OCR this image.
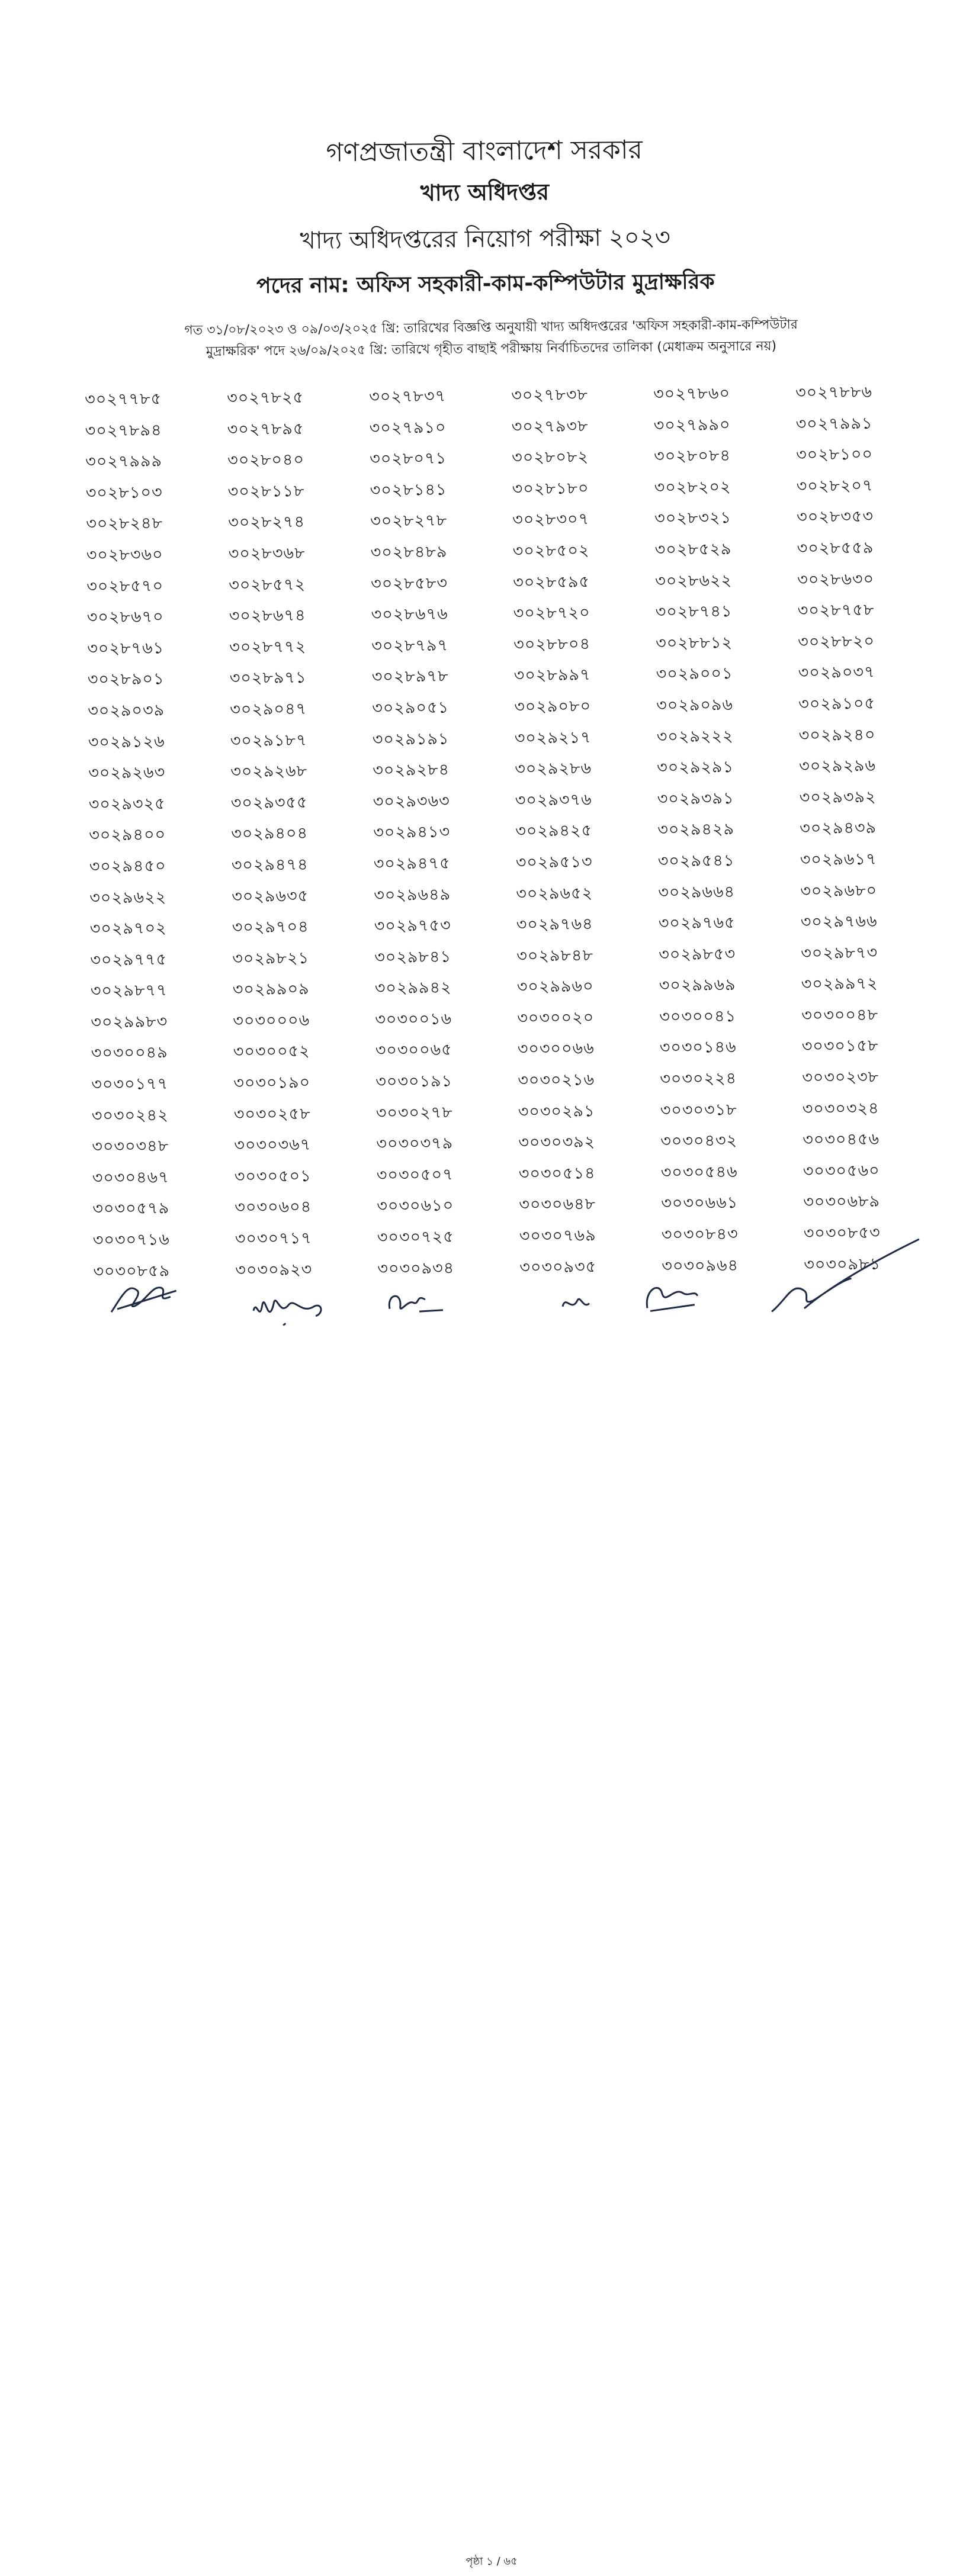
গণপ্রজাতন্ত্রী বাংলাদেশ সরকার
খাদ্য অধিদপ্তর
খাদ্য অধিদপ্তরের নিয়োগ পরীক্ষা ২০২৩
পদের নাম: অফিস সহকারী-কাম-কম্পিউটার মুদ্রাক্ষরিক
গত ৩১/০৮/২০২৩ ও ০৯/০৩/২০২৫ খ্রি: তারিখের বিজ্ঞপ্তি অনুযায়ী খাদ্য অধিদপ্তরের 'অফিস সহকারী-কাম-কম্পিউটার
মুদ্রাক্ষরিক' পদে ২৬/০৯/২০২৫ খ্রি: তারিখে গৃহীত বাছাই পরীক্ষায় নির্বাচিতদের তালিকা (মেধাক্রম অনুসারে নয়)
৩০২৭৭৮৫	৩০২৭৮২৫	৩০২৭৮৩৭	৩০২৭৮৩৮	৩০২৭৮৬০	৩০২৭৮৮৬
৩০২৭৮৯৪	৩০২৭৮৯৫	৩০২৭৯১০	৩০২৭৯৩৮	৩০২৭৯৯০	৩০২৭৯৯১
৩০২৭৯৯৯	৩০২৮০৪০	৩০২৮০৭১	৩০২৮০৮২	৩০২৮০৮৪	৩০২৮১০০
৩০২৮১০৩	৩০২৮১১৮	৩০২৮১৪১	৩০২৮১৮০	৩০২৮২০২	৩০২৮২০৭
৩০২৮২৪৮	৩০২৮২৭৪	৩০২৮২৭৮	৩০২৮৩০৭	৩০২৮৩২১	৩০২৮৩৫৩
৩০২৮৩৬০	৩০২৮৩৬৮	৩০২৮৪৮৯	৩০২৮৫০২	৩০২৮৫২৯	৩০২৮৫৫৯
৩০২৮৫৭০	৩০২৮৫৭২	৩০২৮৫৮৩	৩০২৮৫৯৫	৩০২৮৬২২	৩০২৮৬৩০
৩০২৮৬৭০	৩০২৮৬৭৪	৩০২৮৬৭৬	৩০২৮৭২০	৩০২৮৭৪১	৩০২৮৭৫৮
৩০২৮৭৬১	৩০২৮৭৭২	৩০২৮৭৯৭	৩০২৮৮০৪	৩০২৮৮১২	৩০২৮৮২০
৩০২৮৯০১	৩০২৮৯৭১	৩০২৮৯৭৮	৩০২৮৯৯৭	৩০২৯০০১	৩০২৯০৩৭
৩০২৯০৩৯	৩০২৯০৪৭	৩০২৯০৫১	৩০২৯০৮০	৩০২৯০৯৬	৩০২৯১০৫
৩০২৯১২৬	৩০২৯১৮৭	৩০২৯১৯১	৩০২৯২১৭	৩০২৯২২২	৩০২৯২৪০
৩০২৯২৬৩	৩০২৯২৬৮	৩০২৯২৮৪	৩০২৯২৮৬	৩০২৯২৯১	৩০২৯২৯৬
৩০২৯৩২৫	৩০২৯৩৫৫	৩০২৯৩৬৩	৩০২৯৩৭৬	৩০২৯৩৯১	৩০২৯৩৯২
৩০২৯৪০০	৩০২৯৪০৪	৩০২৯৪১৩	৩০২৯৪২৫	৩০২৯৪২৯	৩০২৯৪৩৯
৩০২৯৪৫০	৩০২৯৪৭৪	৩০২৯৪৭৫	৩০২৯৫১৩	৩০২৯৫৪১	৩০২৯৬১৭
৩০২৯৬২২	৩০২৯৬৩৫	৩০২৯৬৪৯	৩০২৯৬৫২	৩০২৯৬৬৪	৩০২৯৬৮০
৩০২৯৭০২	৩০২৯৭০৪	৩০২৯৭৫৩	৩০২৯৭৬৪	৩০২৯৭৬৫	৩০২৯৭৬৬
৩০২৯৭৭৫	৩০২৯৮২১	৩০২৯৮৪১	৩০২৯৮৪৮	৩০২৯৮৫৩	৩০২৯৮৭৩
৩০২৯৮৭৭	৩০২৯৯০৯	৩০২৯৯৪২	৩০২৯৯৬০	৩০২৯৯৬৯	৩০২৯৯৭২
৩০২৯৯৮৩	৩০৩০০০৬	৩০৩০০১৬	৩০৩০০২০	৩০৩০০৪১	৩০৩০০৪৮
৩০৩০০৪৯	৩০৩০০৫২	৩০৩০০৬৫	৩০৩০০৬৬	৩০৩০১৪৬	৩০৩০১৫৮
৩০৩০১৭৭	৩০৩০১৯০	৩০৩০১৯১	৩০৩০২১৬	৩০৩০২২৪	৩০৩০২৩৮
৩০৩০২৪২	৩০৩০২৫৮	৩০৩০২৭৮	৩০৩০২৯১	৩০৩০৩১৮	৩০৩০৩২৪
৩০৩০৩৪৮	৩০৩০৩৬৭	৩০৩০৩৭৯	৩০৩০৩৯২	৩০৩০৪৩২	৩০৩০৪৫৬
৩০৩০৪৬৭	৩০৩০৫০১	৩০৩০৫০৭	৩০৩০৫১৪	৩০৩০৫৪৬	৩০৩০৫৬০
৩০৩০৫৭৯	৩০৩০৬০৪	৩০৩০৬১০	৩০৩০৬৪৮	৩০৩০৬৬১	৩০৩০৬৮৯
৩০৩০৭১৬	৩০৩০৭১৭	৩০৩০৭২৫	৩০৩০৭৬৯	৩০৩০৮৪৩	৩০৩০৮৫৩
৩০৩০৮৫৯	৩০৩০৯২৩	৩০৩০৯৩৪	৩০৩০৯৩৫	৩০৩০৯৬৪	৩০৩০৯৮১
পৃষ্ঠা ১ / ৬৫
